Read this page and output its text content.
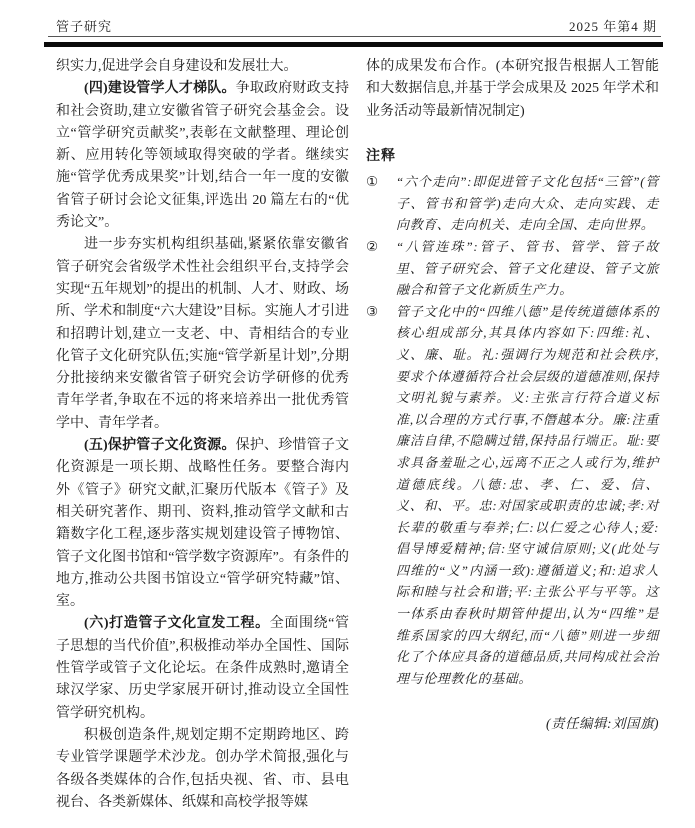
管子研究	2025 年第4 期

织实力,促进学会自身建设和发展壮大。

(四)建设管学人才梯队。争取政府财政支持和社会资助,建立安徽省管子研究会基金会。设立“管学研究贡献奖”,表彰在文献整理、理论创新、应用转化等领域取得突破的学者。继续实施“管学优秀成果奖”计划,结合一年一度的安徽省管子研讨会论文征集,评选出 20 篇左右的“优秀论文”。

进一步夯实机构组织基础,紧紧依靠安徽省管子研究会省级学术性社会组织平台,支持学会实现“五年规划”的提出的机制、人才、财政、场所、学术和制度“六大建设”目标。实施人才引进和招聘计划,建立一支老、中、青相结合的专业化管子文化研究队伍;实施“管学新星计划”,分期分批接纳来安徽省管子研究会访学研修的优秀青年学者,争取在不远的将来培养出一批优秀管学中、青年学者。

(五)保护管子文化资源。保护、珍惜管子文化资源是一项长期、战略性任务。要整合海内外《管子》研究文献,汇聚历代版本《管子》及相关研究著作、期刊、资料,推动管学文献和古籍数字化工程,逐步落实规划建设管子博物馆、管子文化图书馆和“管学数字资源库”。有条件的地方,推动公共图书馆设立“管学研究特藏”馆、室。

(六)打造管子文化宣发工程。全面围绕“管子思想的当代价值”,积极推动举办全国性、国际性管学或管子文化论坛。在条件成熟时,邀请全球汉学家、历史学家展开研讨,推动设立全国性管学研究机构。

积极创造条件,规划定期不定期跨地区、跨专业管学课题学术沙龙。创办学术简报,强化与各级各类媒体的合作,包括央视、省、市、县电视台、各类新媒体、纸媒和高校学报等媒

体的成果发布合作。(本研究报告根据人工智能和大数据信息,并基于学会成果及 2025 年学术和业务活动等最新情况制定)

注释
①	“六个走向”:即促进管子文化包括“三管”(管子、管书和管学)走向大众、走向实践、走向教育、走向机关、走向全国、走向世界。
②	“八管连珠”:管子、管书、管学、管子故里、管子研究会、管子文化建设、管子文旅融合和管子文化新质生产力。
③	管子文化中的“四维八德”是传统道德体系的核心组成部分,其具体内容如下:四维:礼、义、廉、耻。礼:强调行为规范和社会秩序,要求个体遵循符合社会层级的道德准则,保持文明礼貌与素养。义:主张言行符合道义标准,以合理的方式行事,不僭越本分。廉:注重廉洁自律,不隐瞒过错,保持品行端正。耻:要求具备羞耻之心,远离不正之人或行为,维护道德底线。八德:忠、孝、仁、爱、信、义、和、平。忠:对国家或职责的忠诚;孝:对长辈的敬重与奉养;仁:以仁爱之心待人;爱:倡导博爱精神;信:坚守诚信原则;义(此处与四维的“义”内涵一致):遵循道义;和:追求人际和睦与社会和谐;平:主张公平与平等。这一体系由春秋时期管仲提出,认为“四维”是维系国家的四大纲纪,而“八德”则进一步细化了个体应具备的道德品质,共同构成社会治理与伦理教化的基础。
(责任编辑:刘国旗)
